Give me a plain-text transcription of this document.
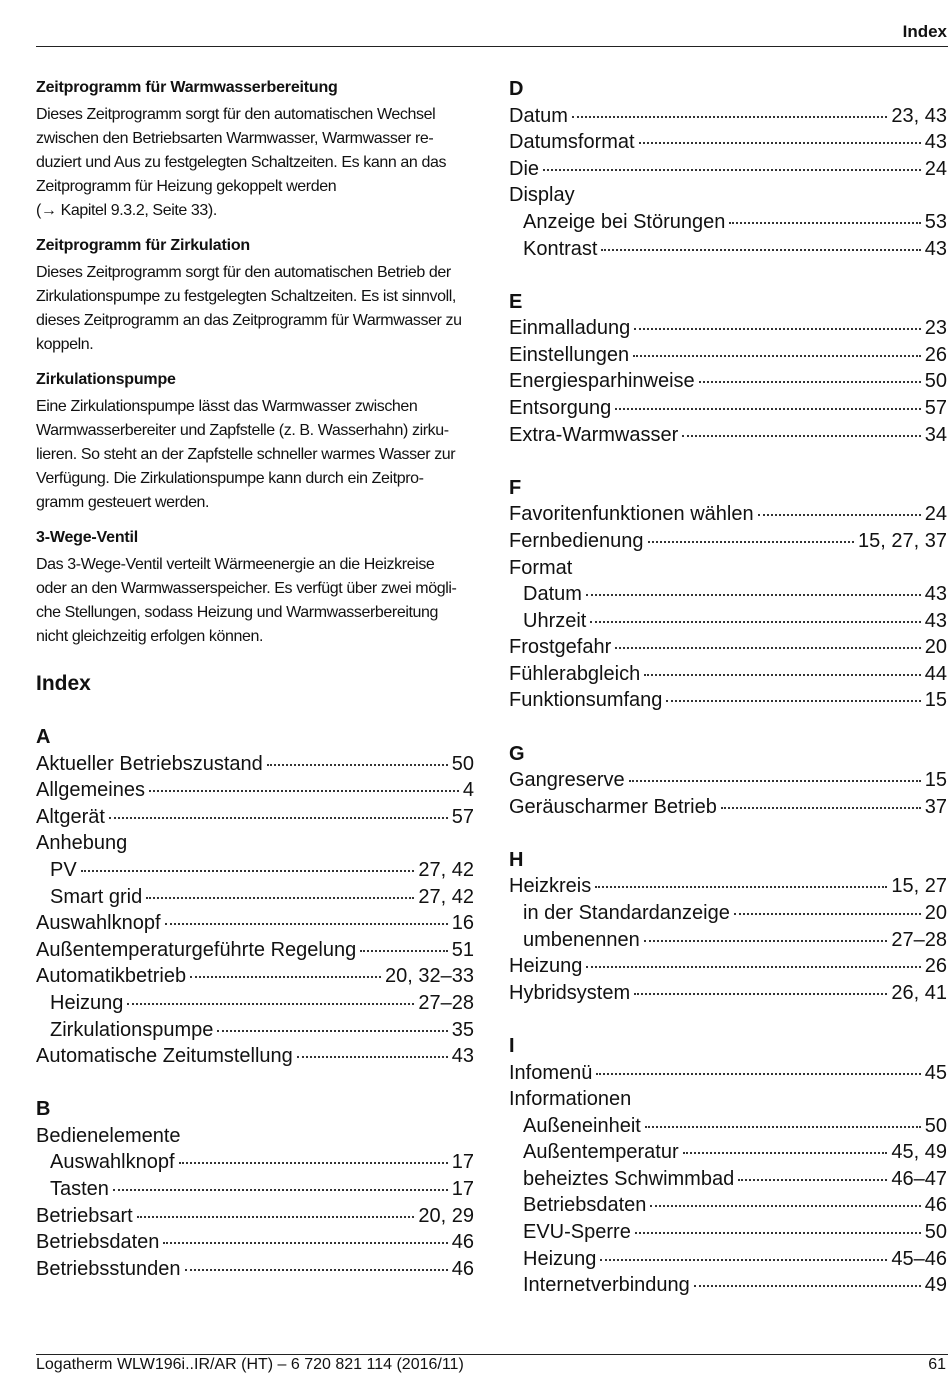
Index
Zeitprogramm für Warmwasserbereitung
Dieses Zeitprogramm sorgt für den automatischen Wechsel
zwischen den Betriebsarten Warmwasser, Warmwasser re-
duziert und Aus zu festgelegten Schaltzeiten. Es kann an das
Zeitprogramm für Heizung gekoppelt werden
(→ Kapitel 9.3.2, Seite 33).
Zeitprogramm für Zirkulation
Dieses Zeitprogramm sorgt für den automatischen Betrieb der
Zirkulationspumpe zu festgelegten Schaltzeiten. Es ist sinnvoll,
dieses Zeitprogramm an das Zeitprogramm für Warmwasser zu
koppeln.
Zirkulationspumpe
Eine Zirkulationspumpe lässt das Warmwasser zwischen
Warmwasserbereiter und Zapfstelle (z. B. Wasserhahn) zirku-
lieren. So steht an der Zapfstelle schneller warmes Wasser zur
Verfügung. Die Zirkulationspumpe kann durch ein Zeitpro-
gramm gesteuert werden.
3-Wege-Ventil
Das 3-Wege-Ventil verteilt Wärmeenergie an die Heizkreise
oder an den Warmwasserspeicher. Es verfügt über zwei mögli-
che Stellungen, sodass Heizung und Warmwasserbereitung
nicht gleichzeitig erfolgen können.
Index
A
Aktueller Betriebszustand	50
Allgemeines	4
Altgerät	57
Anhebung
PV	27, 42
Smart grid	27, 42
Auswahlknopf	16
Außentemperaturgeführte Regelung	51
Automatikbetrieb	20, 32–33
Heizung	27–28
Zirkulationspumpe	35
Automatische Zeitumstellung	43
B
Bedienelemente
Auswahlknopf	17
Tasten	17
Betriebsart	20, 29
Betriebsdaten	46
Betriebsstunden	46
D
Datum	23, 43
Datumsformat	43
Die	24
Display
Anzeige bei Störungen	53
Kontrast	43
E
Einmalladung	23
Einstellungen	26
Energiesparhinweise	50
Entsorgung	57
Extra-Warmwasser	34
F
Favoritenfunktionen wählen	24
Fernbedienung	15, 27, 37
Format
Datum	43
Uhrzeit	43
Frostgefahr	20
Fühlerabgleich	44
Funktionsumfang	15
G
Gangreserve	15
Geräuscharmer Betrieb	37
H
Heizkreis	15, 27
in der Standardanzeige	20
umbenennen	27–28
Heizung	26
Hybridsystem	26, 41
I
Infomenü	45
Informationen
Außeneinheit	50
Außentemperatur	45, 49
beheiztes Schwimmbad	46–47
Betriebsdaten	46
EVU-Sperre	50
Heizung	45–46
Internetverbindung	49
Logatherm WLW196i..IR/AR (HT) – 6 720 821 114 (2016/11)	61
